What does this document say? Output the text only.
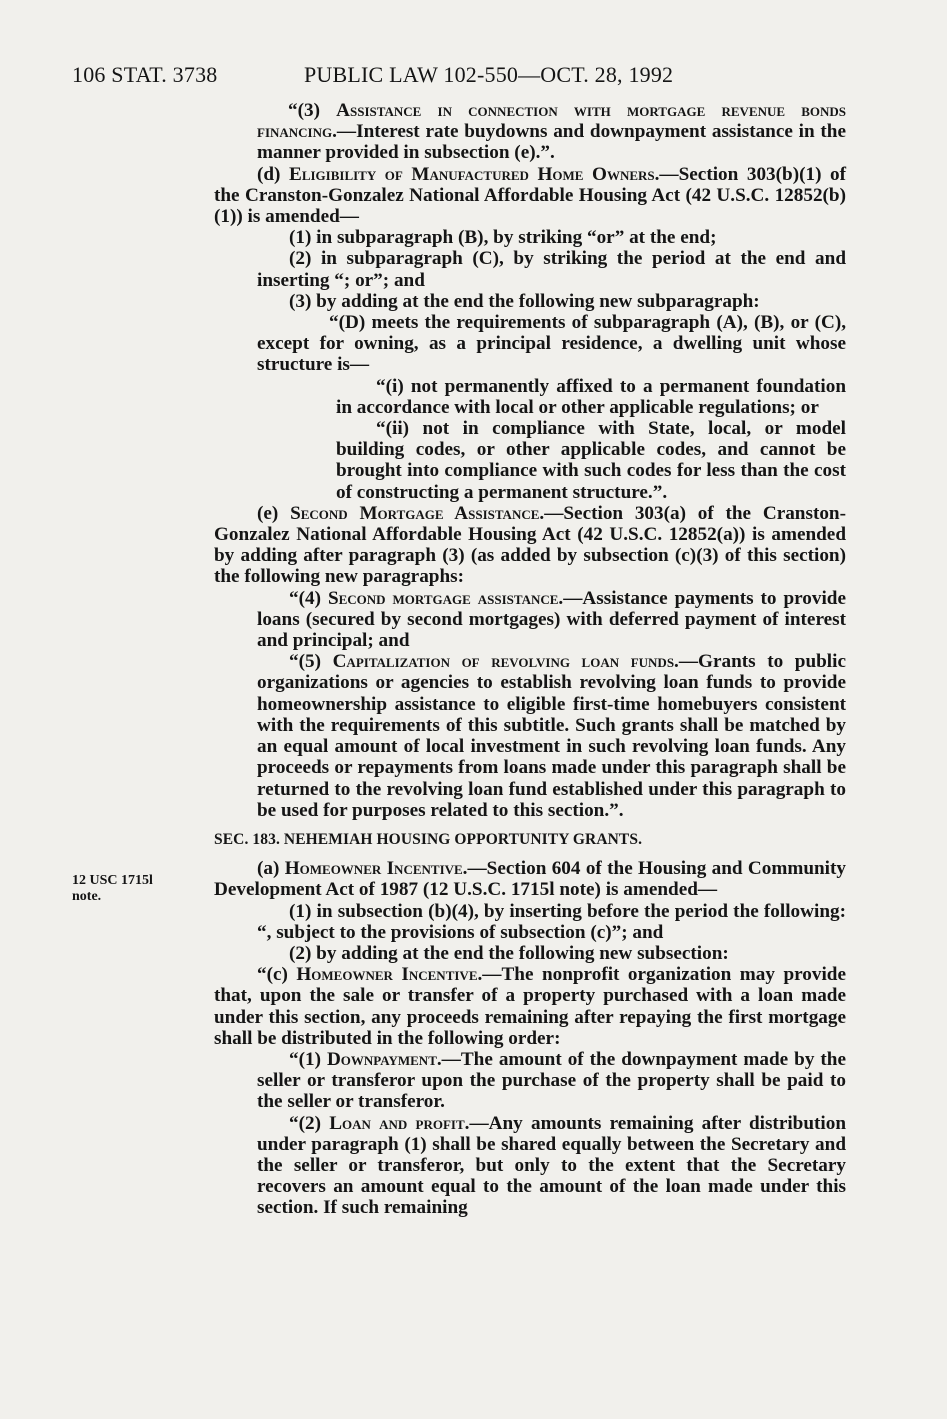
106 STAT. 3738	PUBLIC LAW 102-550—OCT. 28, 1992
12 USC 1715l
note.

“(3) Assistance in connection with mortgage revenue bonds financing.—Interest rate buydowns and downpayment assistance in the manner provided in subsection (e).”.

(d) Eligibility of Manufactured Home Owners.—Section 303(b)(1) of the Cranston-Gonzalez National Affordable Housing Act (42 U.S.C. 12852(b)(1)) is amended—

(1) in subparagraph (B), by striking “or” at the end;

(2) in subparagraph (C), by striking the period at the end and inserting “; or”; and

(3) by adding at the end the following new subparagraph:

“(D) meets the requirements of subparagraph (A), (B), or (C), except for owning, as a principal residence, a dwelling unit whose structure is—

“(i) not permanently affixed to a permanent foundation in accordance with local or other applicable regulations; or

“(ii) not in compliance with State, local, or model building codes, or other applicable codes, and cannot be brought into compliance with such codes for less than the cost of constructing a permanent structure.”.

(e) Second Mortgage Assistance.—Section 303(a) of the Cranston-Gonzalez National Affordable Housing Act (42 U.S.C. 12852(a)) is amended by adding after paragraph (3) (as added by subsection (c)(3) of this section) the following new paragraphs:

“(4) Second mortgage assistance.—Assistance payments to provide loans (secured by second mortgages) with deferred payment of interest and principal; and

“(5) Capitalization of revolving loan funds.—Grants to public organizations or agencies to establish revolving loan funds to provide homeownership assistance to eligible first-time homebuyers consistent with the requirements of this subtitle. Such grants shall be matched by an equal amount of local investment in such revolving loan funds. Any proceeds or repayments from loans made under this paragraph shall be returned to the revolving loan fund established under this paragraph to be used for purposes related to this section.”.

SEC. 183. NEHEMIAH HOUSING OPPORTUNITY GRANTS.

(a) Homeowner Incentive.—Section 604 of the Housing and Community Development Act of 1987 (12 U.S.C. 1715l note) is amended—

(1) in subsection (b)(4), by inserting before the period the following: “, subject to the provisions of subsection (c)”; and

(2) by adding at the end the following new subsection:

“(c) Homeowner Incentive.—The nonprofit organization may provide that, upon the sale or transfer of a property purchased with a loan made under this section, any proceeds remaining after repaying the first mortgage shall be distributed in the following order:

“(1) Downpayment.—The amount of the downpayment made by the seller or transferor upon the purchase of the property shall be paid to the seller or transferor.

“(2) Loan and profit.—Any amounts remaining after distribution under paragraph (1) shall be shared equally between the Secretary and the seller or transferor, but only to the extent that the Secretary recovers an amount equal to the amount of the loan made under this section. If such remaining
